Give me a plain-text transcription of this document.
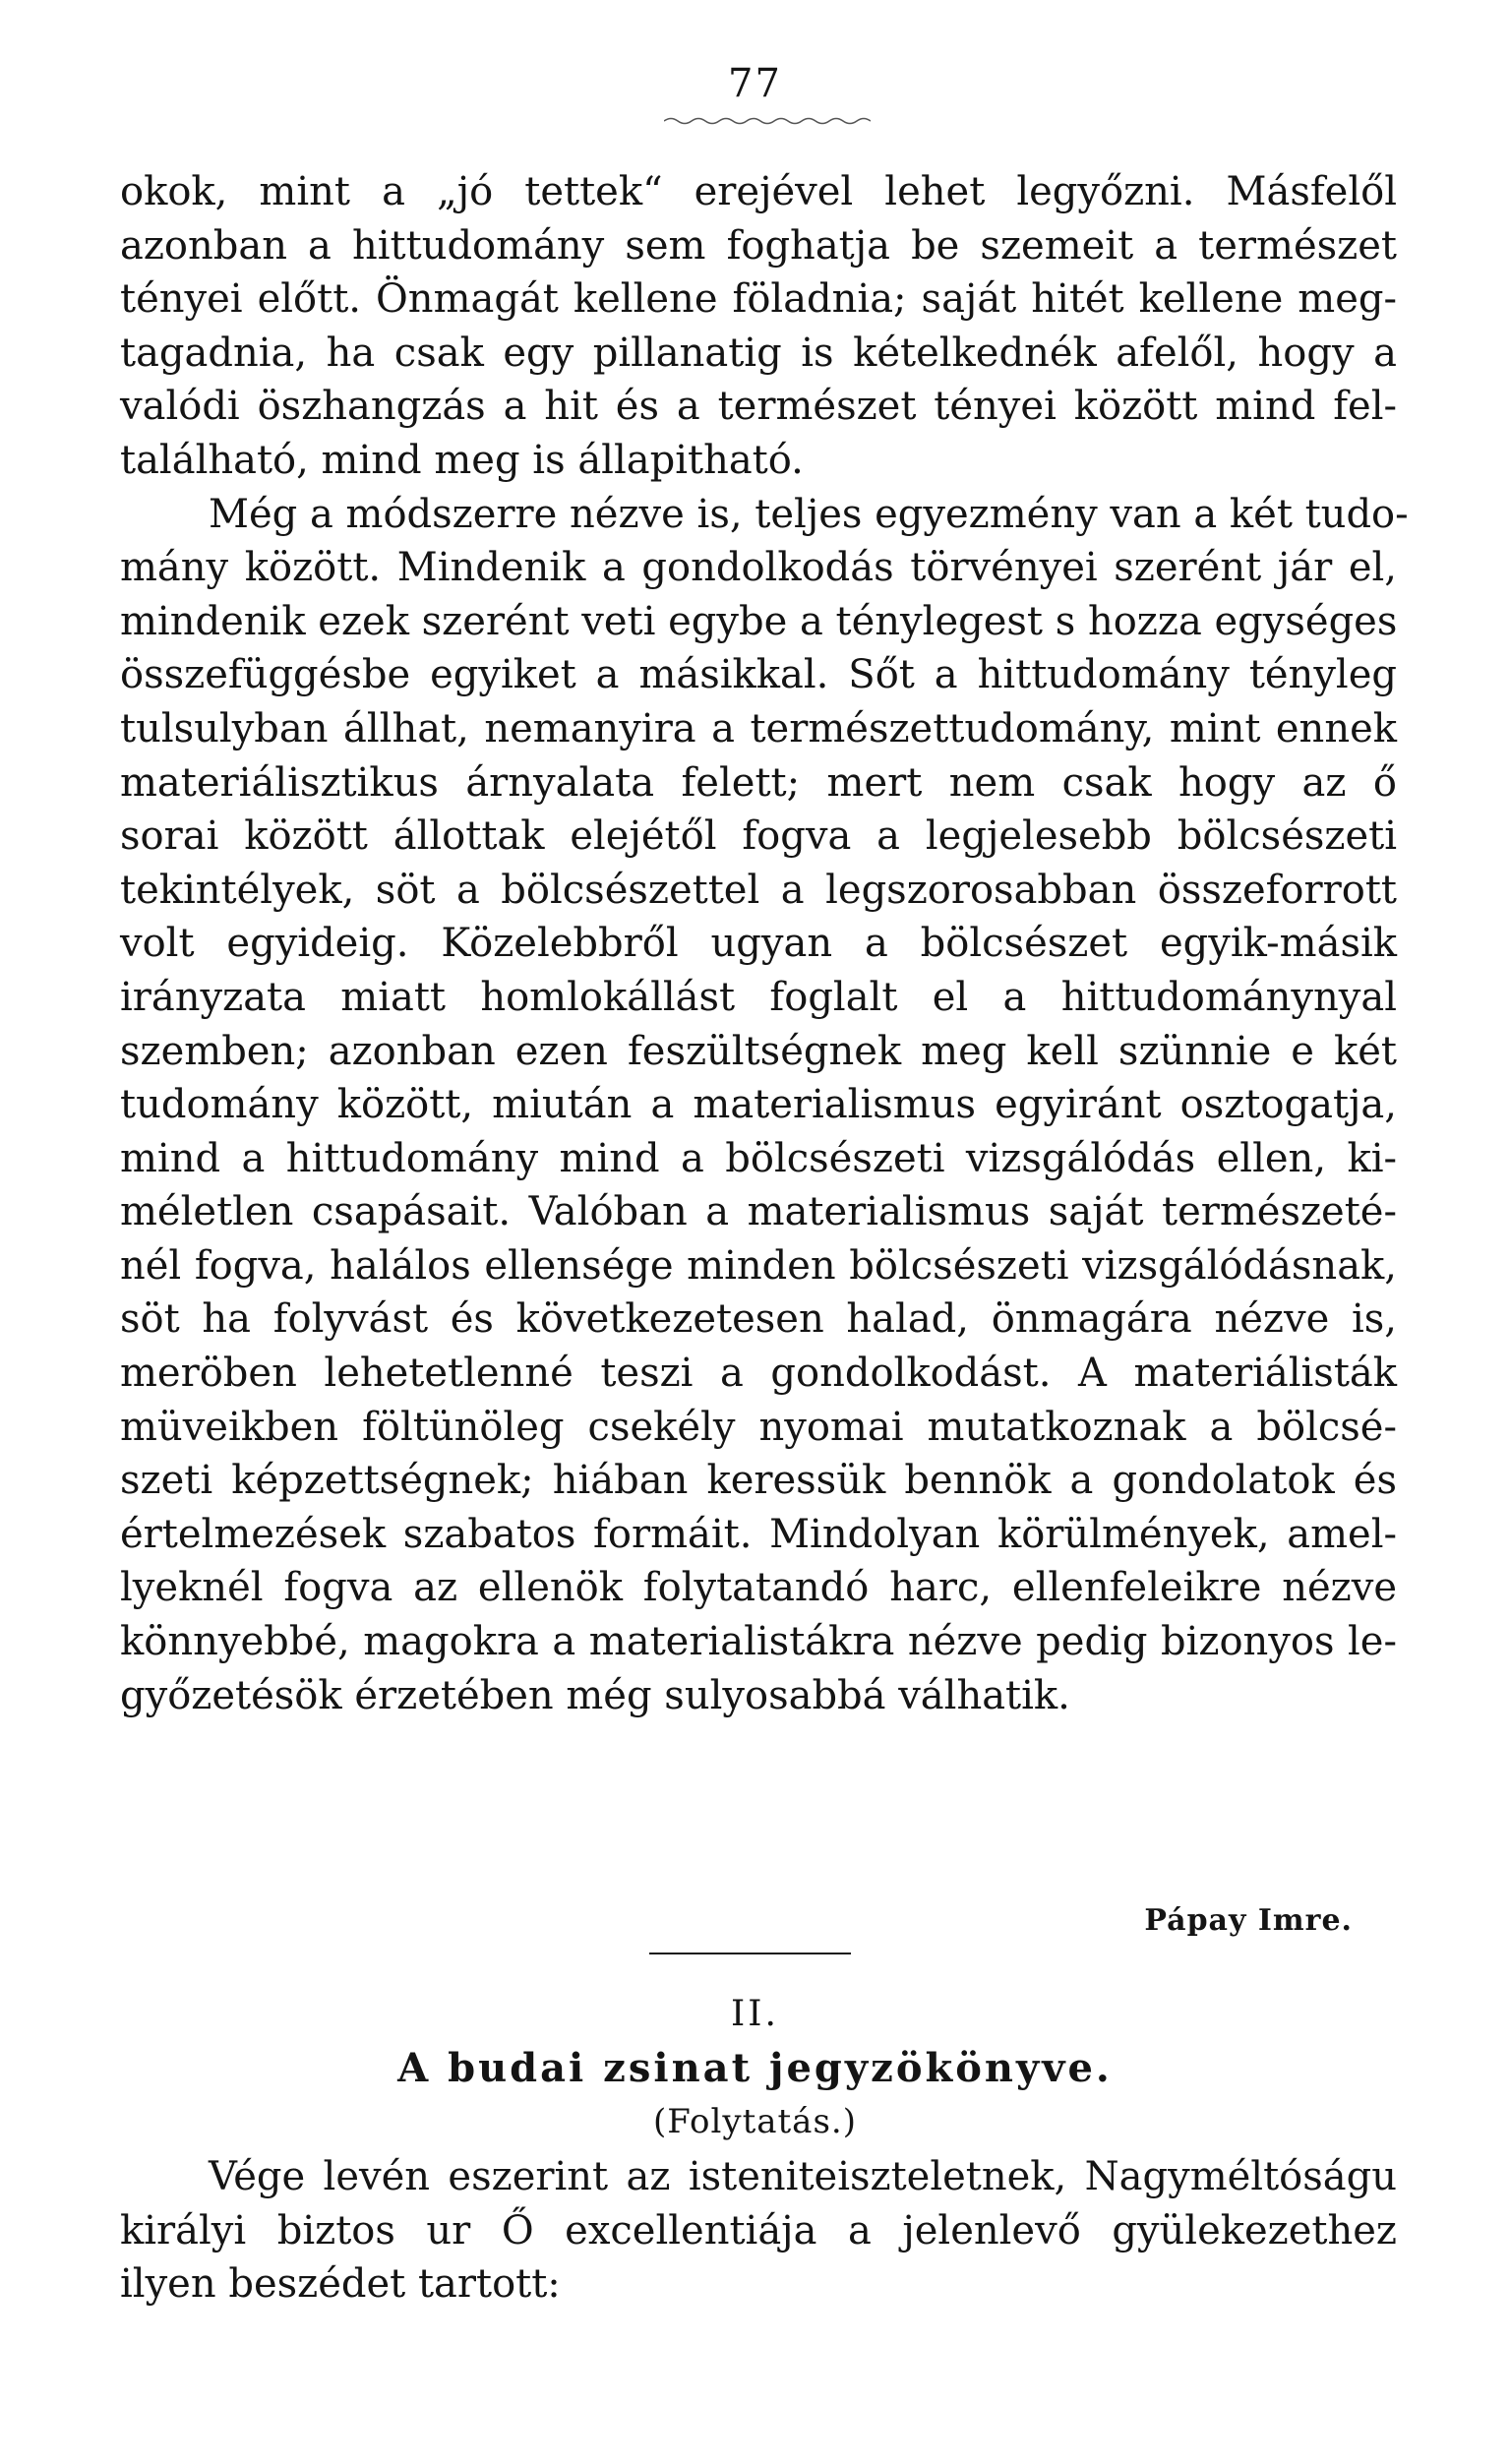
77
okok, mint a „jó tettek“ erejével lehet legyőzni. Másfelől
azonban a hittudomány sem foghatja be szemeit a természet
tényei előtt. Önmagát kellene föladnia; saját hitét kellene meg-
tagadnia, ha csak egy pillanatig is kételkednék afelől, hogy a
valódi öszhangzás a hit és a természet tényei között mind fel-
található, mind meg is állapitható.
Még a módszerre nézve is, teljes egyezmény van a két tudo-
mány között. Mindenik a gondolkodás törvényei szerént jár el,
mindenik ezek szerént veti egybe a ténylegest s hozza egységes
összefüggésbe egyiket a másikkal. Sőt a hittudomány tényleg
tulsulyban állhat, nemanyira a természettudomány, mint ennek
materiálisztikus árnyalata felett; mert nem csak hogy az ő
sorai között állottak elejétől fogva a legjelesebb bölcsészeti
tekintélyek, söt a bölcsészettel a legszorosabban összeforrott
volt egyideig. Közelebbről ugyan a bölcsészet egyik-másik
irányzata miatt homlokállást foglalt el a hittudománynyal
szemben; azonban ezen feszültségnek meg kell szünnie e két
tudomány között, miután a materialismus egyiránt osztogatja,
mind a hittudomány mind a bölcsészeti vizsgálódás ellen, ki-
méletlen csapásait. Valóban a materialismus saját természeté-
nél fogva, halálos ellensége minden bölcsészeti vizsgálódásnak,
söt ha folyvást és következetesen halad, önmagára nézve is,
meröben lehetetlenné teszi a gondolkodást. A materiálisták
müveikben föltünöleg csekély nyomai mutatkoznak a bölcsé-
szeti képzettségnek; hiában keressük bennök a gondolatok és
értelmezések szabatos formáit. Mindolyan körülmények, amel-
lyeknél fogva az ellenök folytatandó harc, ellenfeleikre nézve
könnyebbé, magokra a materialistákra nézve pedig bizonyos le-
győzetésök érzetében még sulyosabbá válhatik.
Pápay Imre.
II.
A budai zsinat jegyzökönyve.
(Folytatás.)
Vége levén eszerint az isteniteiszteletnek, Nagyméltóságu
királyi biztos ur Ő excellentiája a jelenlevő gyülekezethez
ilyen beszédet tartott:
